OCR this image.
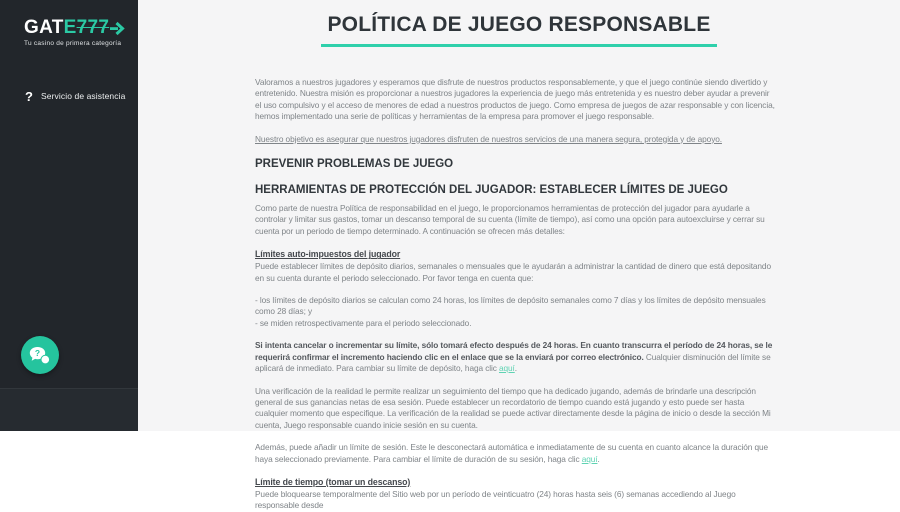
GAT E 777
Tu casino de primera categoría
? Servicio de asistencia
?
POLÍTICA DE JUEGO RESPONSABLE

Valoramos a nuestros jugadores y esperamos que disfrute de nuestros productos responsablemente, y que el juego continúe siendo divertido y entretenido. Nuestra misión es proporcionar a nuestros jugadores la experiencia de juego más entretenida y es nuestro deber ayudar a prevenir el uso compulsivo y el acceso de menores de edad a nuestros productos de juego. Como empresa de juegos de azar responsable y con licencia, hemos implementado una serie de políticas y herramientas de la empresa para promover el juego responsable.

Nuestro objetivo es asegurar que nuestros jugadores disfruten de nuestros servicios de una manera segura, protegida y de apoyo.

PREVENIR PROBLEMAS DE JUEGO
HERRAMIENTAS DE PROTECCIÓN DEL JUGADOR: ESTABLECER LÍMITES DE JUEGO

Como parte de nuestra Política de responsabilidad en el juego, le proporcionamos herramientas de protección del jugador para ayudarle a controlar y limitar sus gastos, tomar un descanso temporal de su cuenta (límite de tiempo), así como una opción para autoexcluirse y cerrar su cuenta por un periodo de tiempo determinado. A continuación se ofrecen más detalles:

Límites auto-impuestos del jugador

Puede establecer límites de depósito diarios, semanales o mensuales que le ayudarán a administrar la cantidad de dinero que está depositando en su cuenta durante el periodo seleccionado. Por favor tenga en cuenta que:

- los límites de depósito diarios se calculan como 24 horas, los límites de depósito semanales como 7 días y los límites de depósito mensuales como 28 días; y

- se miden retrospectivamente para el periodo seleccionado.

Si intenta cancelar o incrementar su límite, sólo tomará efecto después de 24 horas. En cuanto transcurra el período de 24 horas, se le requerirá confirmar el incremento haciendo clic en el enlace que se la enviará por correo electrónico. Cualquier disminución del límite se aplicará de inmediato. Para cambiar su límite de depósito, haga clic aquí.

Una verificación de la realidad le permite realizar un seguimiento del tiempo que ha dedicado jugando, además de brindarle una descripción general de sus ganancias netas de esa sesión. Puede establecer un recordatorio de tiempo cuando está jugando y esto puede ser hasta cualquier momento que especifique. La verificación de la realidad se puede activar directamente desde la página de inicio o desde la sección Mi cuenta, Juego responsable cuando inicie sesión en su cuenta.

Además, puede añadir un límite de sesión. Este le desconectará automática e inmediatamente de su cuenta en cuanto alcance la duración que haya seleccionado previamente. Para cambiar el límite de duración de su sesión, haga clic aquí.

Límite de tiempo (tomar un descanso)

Puede bloquearse temporalmente del Sitio web por un período de veinticuatro (24) horas hasta seis (6) semanas accediendo al Juego responsable desde
